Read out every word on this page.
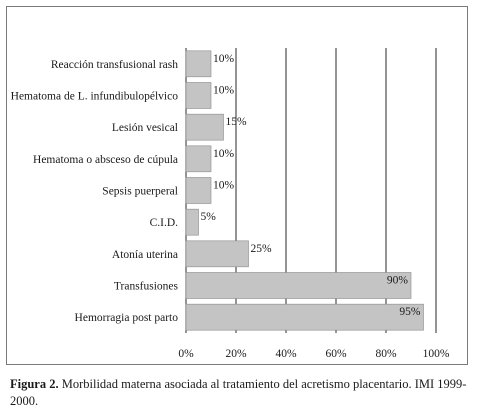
Reacción transfusional rash
10%
Hematoma de L. infundibulopélvico	10%
Lesión vesical
15%
Hematoma o absceso de cúpula	10%
Sepsis puerperal	10%
C.I.D. 5%
Atonía uterina
25%
Transfusiones	90%
Hemorragia post parto	95%
0%	20%	40%	60%	80% 100%
Figura 2. Morbilidad materna asociada al tratamiento del acretismo placentario. IMI 1999-2000.
